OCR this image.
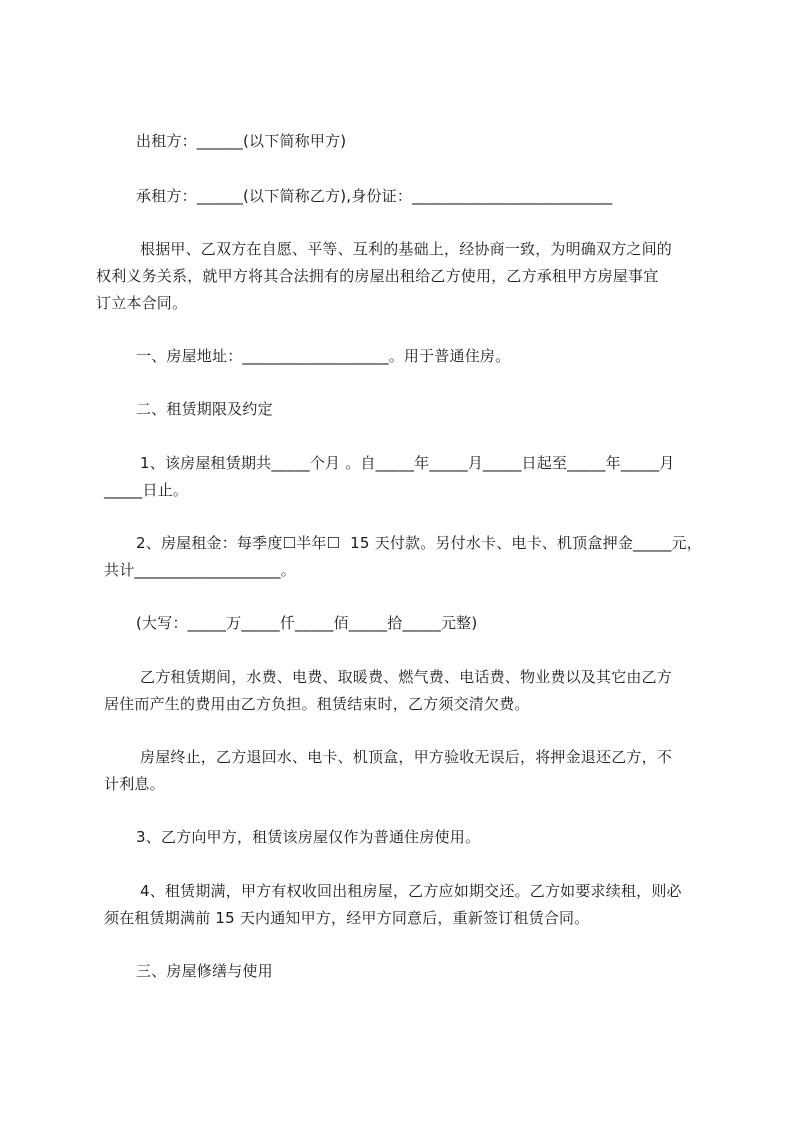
出租方：______(以下简称甲方)
承租方：______(以下简称乙方),身份证：__________________________
根据甲、乙双方在自愿、平等、互利的基础上，经协商一致，为明确双方之间的
权利义务关系，就甲方将其合法拥有的房屋出租给乙方使用，乙方承租甲方房屋事宜
订立本合同。
一、房屋地址：___________________。用于普通住房。
二、租赁期限及约定
1、该房屋租赁期共_____个月 。自_____年_____月_____日起至_____年_____月
_____日止。
2、房屋租金：每季度☐半年☐  15 天付款。另付水卡、电卡、机顶盒押金_____元，
共计___________________。
(大写：_____万_____仟_____佰_____拾_____元整)
乙方租赁期间，水费、电费、取暖费、燃气费、电话费、物业费以及其它由乙方
居住而产生的费用由乙方负担。租赁结束时，乙方须交清欠费。
房屋终止，乙方退回水、电卡、机顶盒，甲方验收无误后，将押金退还乙方，不
计利息。
3、乙方向甲方，租赁该房屋仅作为普通住房使用。
4、租赁期满，甲方有权收回出租房屋，乙方应如期交还。乙方如要求续租，则必
须在租赁期满前 15 天内通知甲方，经甲方同意后，重新签订租赁合同。
三、房屋修缮与使用
